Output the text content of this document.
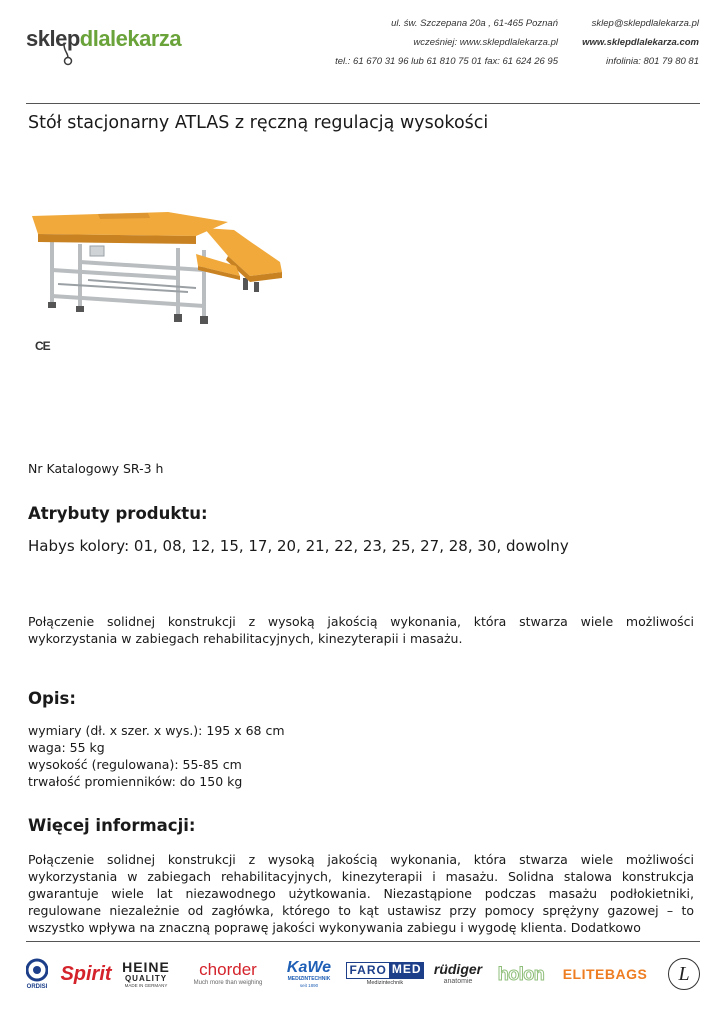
sklepdlalekarza
ul. św. Szczepana 20a , 61-465 Poznań
wcześniej: www.sklepdlalekarza.pl
tel.: 61 670 31 96 lub 61 810 75 01 fax: 61 624 26 95
sklep@sklepdlalekarza.pl
www.sklepdlalekarza.com
infolinia: 801 79 80 81
Stół stacjonarny ATLAS z ręczną regulacją wysokości
CE
Nr Katalogowy SR-3 h
Atrybuty produktu:
Habys kolory: 01, 08, 12, 15, 17, 20, 21, 22, 23, 25, 27, 28, 30, dowolny
Połączenie solidnej konstrukcji z wysoką jakością wykonania, która stwarza wiele możliwości wykorzystania w zabiegach rehabilitacyjnych, kinezyterapii i masażu.
Opis:
wymiary (dł. x szer. x wys.): 195 x 68 cm
waga: 55 kg
wysokość (regulowana): 55-85 cm
trwałość promienników: do 150 kg
Więcej informacji:
Połączenie solidnej konstrukcji z wysoką jakością wykonania, która stwarza wiele możliwości wykorzystania w zabiegach rehabilitacyjnych, kinezyterapii i masażu. Solidna stalowa konstrukcja gwarantuje wiele lat niezawodnego użytkowania. Niezastąpione podczas masażu podłokietniki, regulowane niezależnie od zagłówka, którego to kąt ustawisz przy pomocy sprężyny gazowej – to wszystko wpływa na znaczną poprawę jakości wykonywania zabiegu i wygodę klienta. Dodatkowo
ORDISI
Spirit HEINE
QUALITY
MADE IN GERMANY
chorder
Much more than weighing
KaWe
MEDIZINTECHNIK
seit 1890
FARO MED
Medizintechnik
rüdiger
anatomie holon ELITEBAGS L
